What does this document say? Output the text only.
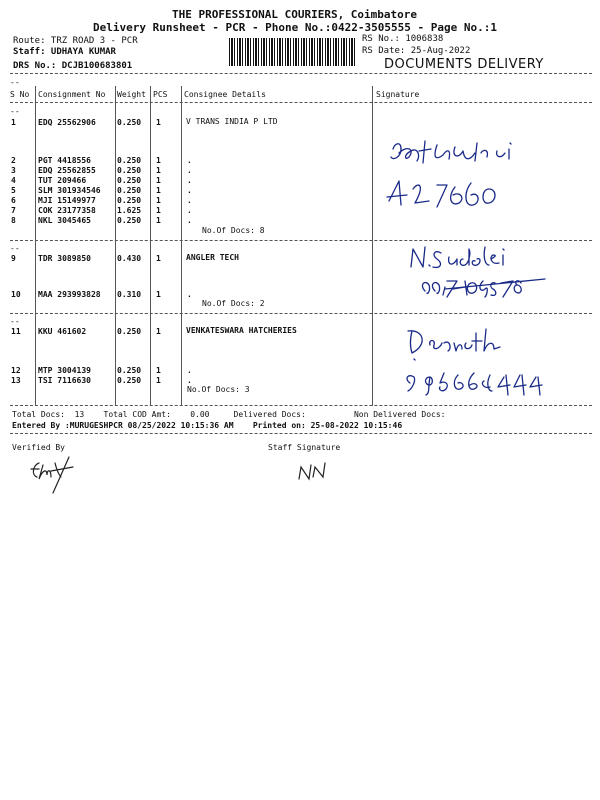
THE PROFESSIONAL COURIERS, Coimbatore
Delivery Runsheet - PCR - Phone No.:0422-3505555 - Page No.:1
Route: TRZ ROAD 3 - PCR
Staff: UDHAYA KUMAR
DRS No.: DCJB100683801
RS No.: 1006838
RS Date: 25-Aug-2022
DOCUMENTS DELIVERY
--
S No Consignment No Weight PCS Consignee Details	Signature
--
1	EDQ 25562906	0.250 1	V TRANS INDIA P LTD
2	PGT 4418556	0.250 1	.
3	EDQ 25562855	0.250 1	.
4	TUT 209466	0.250 1	.
5	SLM 301934546 0.250 1	.
6	MJI 15149977	0.250 1	.
7	COK 23177358	1.625 1	.
8	NKL 3045465	0.250 1	.
No.Of Docs: 8
--
9	TDR 3089850	0.430 1	ANGLER TECH
10 MAA 293993828 0.310 1	.
No.Of Docs: 2
--
11 KKU 461602	0.250 1	VENKATESWARA HATCHERIES
12 MTP 3004139	0.250 1	.
13 TSI 7116630	0.250 1	.
No.Of Docs: 3
Total Docs:  13    Total COD Amt:    0.00     Delivered Docs:          Non Delivered Docs:
Entered By :MURUGESHPCR 08/25/2022 10:15:36 AM    Printed on: 25-08-2022 10:15:46
Verified By	Staff Signature
